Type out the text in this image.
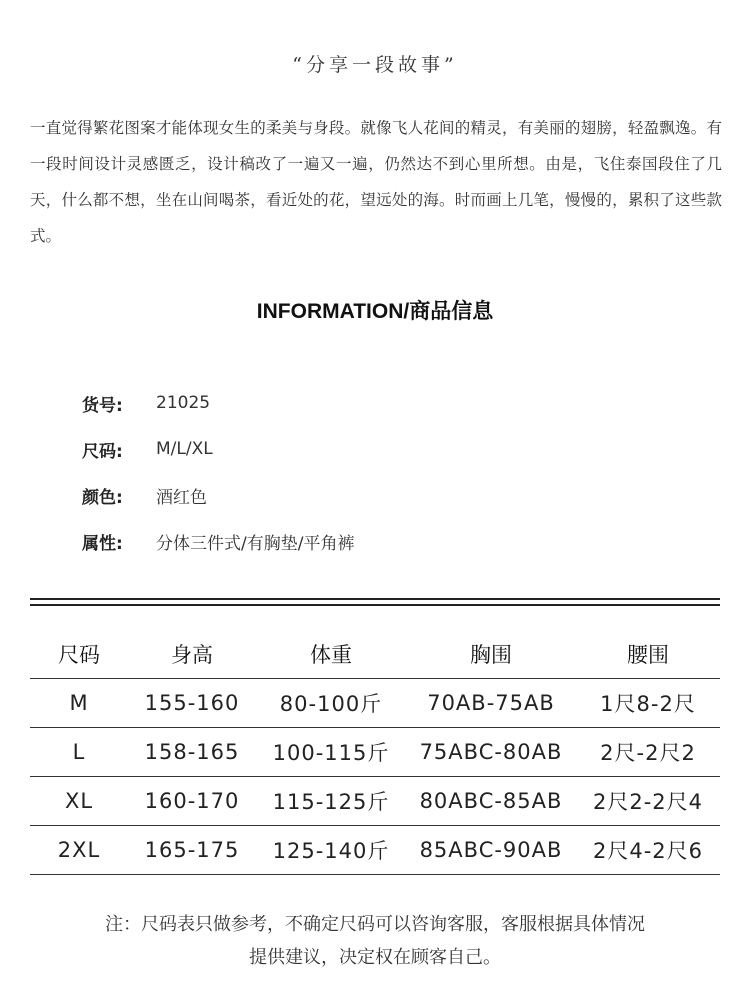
“分享一段故事”
一直觉得繁花图案才能体现女生的柔美与身段。就像飞人花间的精灵，有美丽的翅膀，轻盈飘逸。有一段时间设计灵感匮乏，设计稿改了一遍又一遍，仍然达不到心里所想。由是，飞住泰国段住了几天，什么都不想，坐在山间喝茶，看近处的花，望远处的海。时而画上几笔，慢慢的，累积了这些款式。
INFORMATION/商品信息
货号:	21025
尺码:	M/L/XL
颜色:	酒红色
属性:	分体三件式/有胸垫/平角裤
尺码	身高	体重	胸围	腰围
M	155-160	80-100斤	70AB-75AB	1尺8-2尺
L	158-165	100-115斤	75ABC-80AB	2尺-2尺2
XL	160-170	115-125斤	80ABC-85AB	2尺2-2尺4
2XL	165-175	125-140斤	85ABC-90AB	2尺4-2尺6
注：尺码表只做参考，不确定尺码可以咨询客服，客服根据具体情况
提供建议，决定权在顾客自己。
